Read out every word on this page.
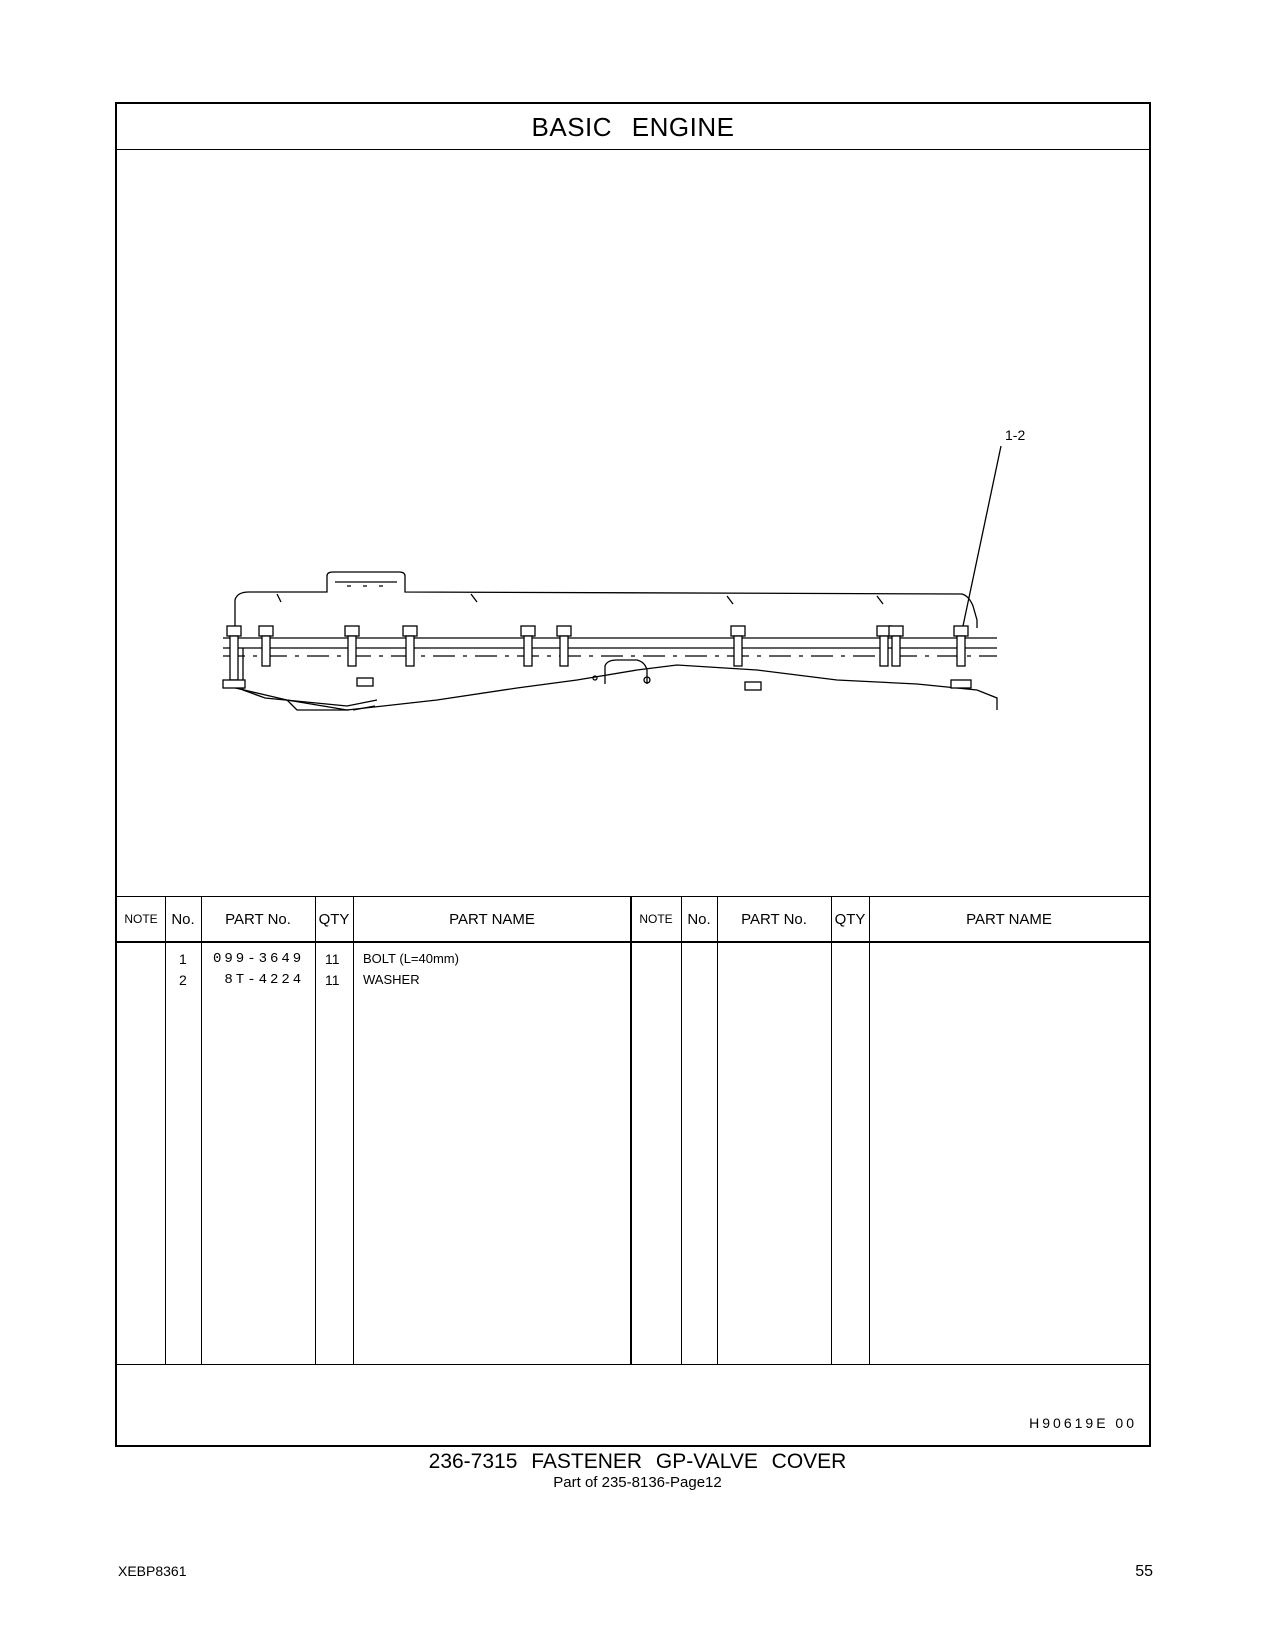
BASIC ENGINE
1-2
NOTE No.	PART No.	QTY	PART NAME	NOTE No.	PART No.	QTY	PART NAME
1 099-3649 11 BOLT (L=40mm)
2 8T-4224 11 WASHER
H90619E 00
236-7315 FASTENER GP-VALVE COVER
Part of 235-8136-Page12
XEBP8361	55
